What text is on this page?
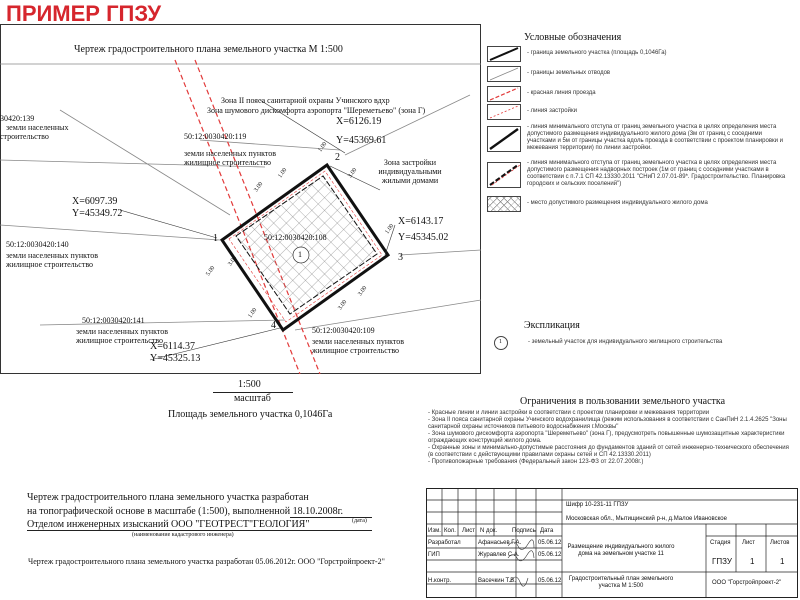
ПРИМЕР ГПЗУ
Чертеж градостроительного плана земельного участка М 1:500
Зона II пояса санитарной охраны Учинского вдхр
Зона шумового дискомфорта аэропорта "Шереметьево" (зона Г)
Зона застройки
индивидуальными
жилыми домами
30420:139
земли населенных
строительство	50:12:0030420:119
земли населенных пунктов
жилищное строительство
50:12:0030420:140
земли населенных пунктов
жилищное строительство
50:12:0030420:141
земли населенных пунктов
жилищное строительство
50:12:0030420:109
земли населенных пунктов
жилищное строительство
50:12:0030420:108
1
1
X=6097.39
Y=45349.72
2
X=6126.19
Y=45369.61
3
X=6143.17
Y=45345.02
4
X=6114.37
Y=45325.13
3.00
3.00
3.00
3.00
3.00
5.00
1.00
1.00
1.00
1.00
1:500
масштаб
Площадь земельного участка 0,1046Га
Условные обозначения
- граница земельного участка (площадь 0,1046Га)
- границы земельных отводов
- красная линия проезда
- линия застройки
- линия минимального отступа от границ земельного участка в целях определения места допустимого размещения индивидуального жилого дома (3м от границ с соседними участками и 5м от границы участка вдоль проезда в соответствии с проектом планировки и межевания территории) по линии застройки.
- линия минимального отступа от границ земельного участка в целях определения места допустимого размещения надворных построек (1м от границ с соседними участками в соответствии с п.7.1 СП 42.13330.2011 "СНиП 2.07.01-89*. Градостроительство. Планировка городских и сельских поселений")
- место допустимого размещения индивидуального жилого дома
Экспликация
1	- земельный участок для индивидуального жилищного строительства
Ограничения в пользовании земельного участка
- Красные линии и линии застройки в соответствии с проектом планировки и межевания территории
- Зона II пояса санитарной охраны Учинского водохранилища (режим использования в соответствии с СанПиН 2.1.4.2625 "Зоны санитарной охраны источников питьевого водоснабжения г.Москвы"
- Зона шумового дискомфорта аэропорта "Шереметьево" (зона Г), предусмотреть повышенные шумозащитные характеристики ограждающих конструкций жилого дома.
- Охранные зоны и минимально-допустимые расстояния до фундаментов зданий от сетей инженерно-технического обеспечения (в соответствии с действующими правилами охраны сетей и СП 42.13330.2011)
- Противопожарные требования (Федеральный закон 123-ФЗ от 22.07.2008г.)
Чертеж градостроительного плана земельного участка разработан
на топографической основе в масштабе (1:500), выполненной 18.10.2008г.
(дата)
Отделом инженерных изысканий ООО "ГЕОТРЕСТ"ГЕОЛОГИЯ"
(наименование кадастрового инженера)
Чертеж градостроительного плана земельного участка разработан 05.06.2012г. ООО "Горстройпроект-2"
Шифр 10-231-11 ГПЗУ
Московская обл., Мытищинский р-н, д.Малое Ивановское
Изм. Кол. Лист N док. Подпись Дата
Разработал	Афанасьев Г.А.	05.06.12
ГИП	Журавлев С.А.	05.06.12
Н.контр.	Васечкин Т.В.	05.06.12
Размещение индивидуального жилого дома на земельном участке 11
Стадия Лист Листов
ГПЗУ 1	1
Градостроительный план земельного участка М 1:500	ООО "Горстройпроект-2"
